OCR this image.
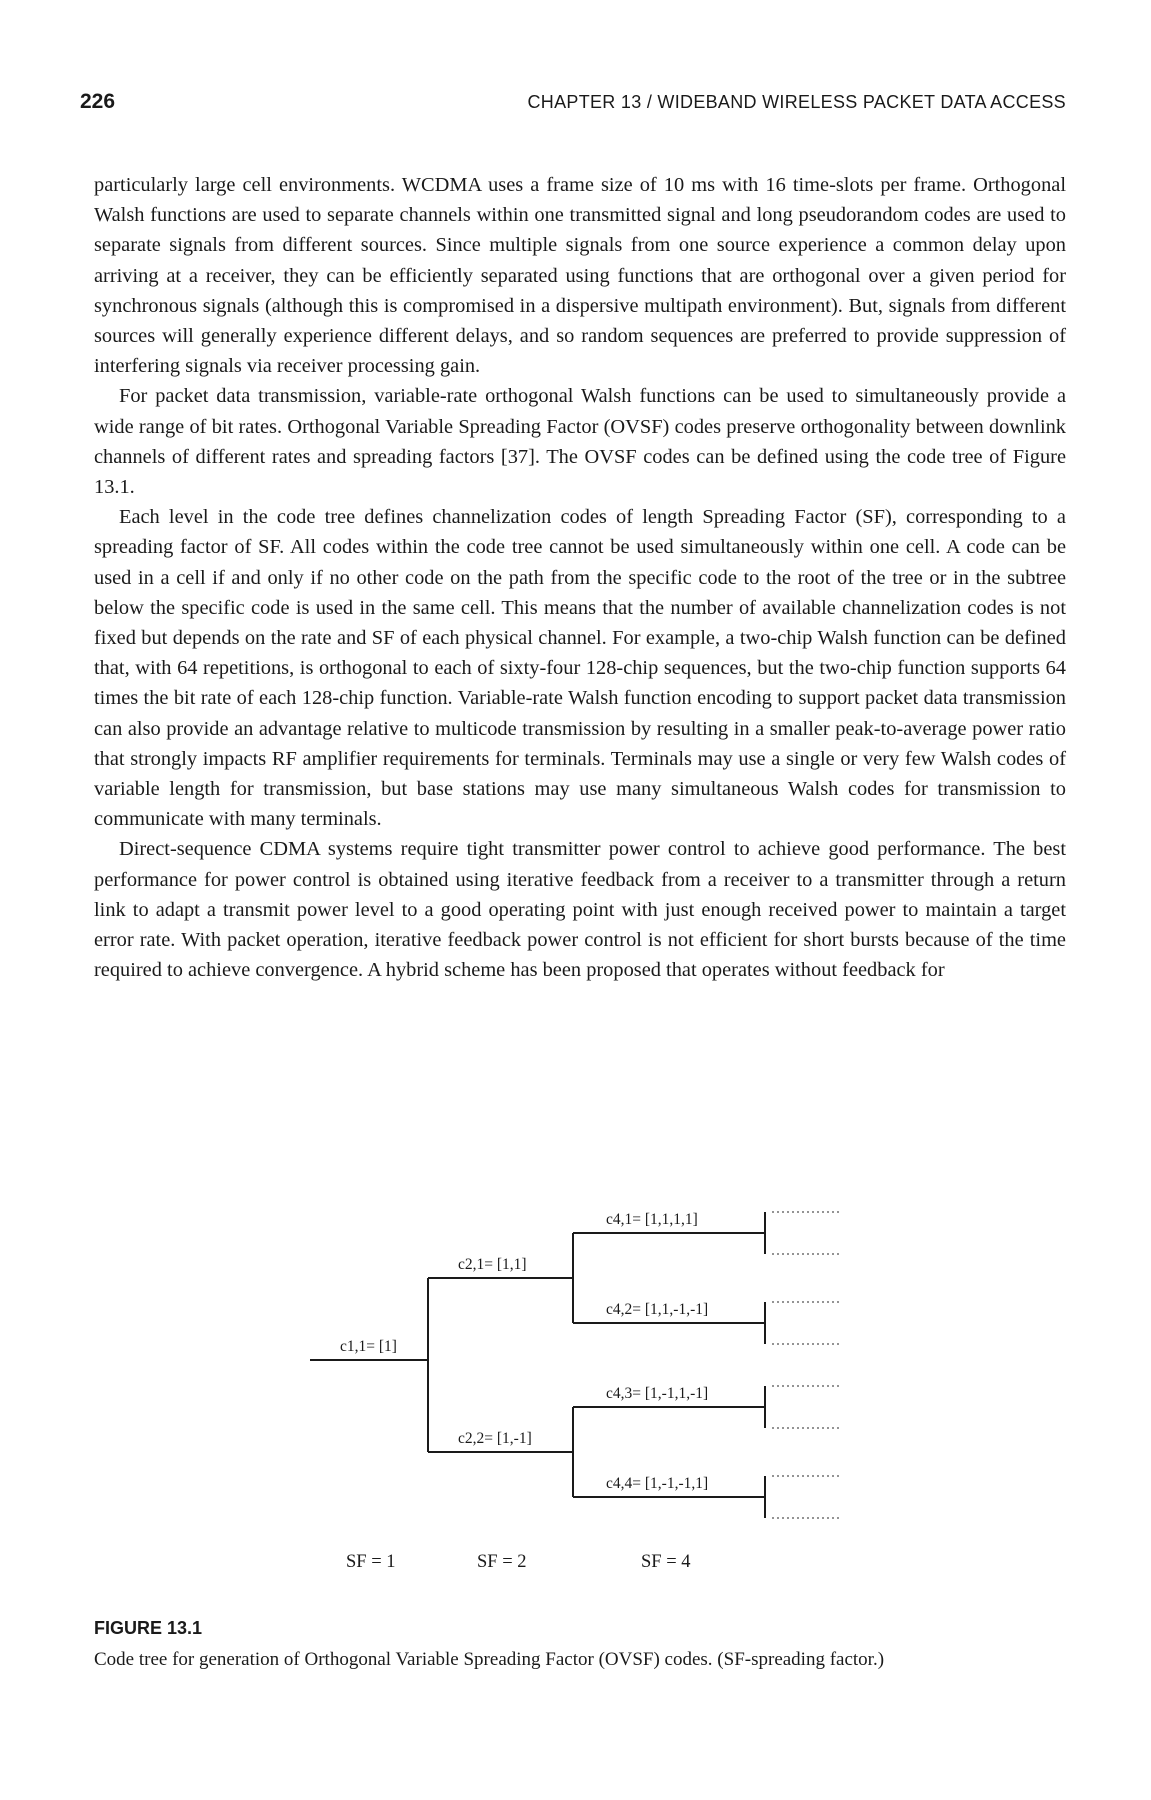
226	CHAPTER 13 / WIDEBAND WIRELESS PACKET DATA ACCESS

particularly large cell environments. WCDMA uses a frame size of 10 ms with 16 time-slots per frame. Orthogonal Walsh functions are used to separate channels within one transmitted signal and long pseudorandom codes are used to separate signals from different sources. Since multiple signals from one source experience a common delay upon arriving at a receiver, they can be efficiently separated using functions that are orthogonal over a given period for synchronous signals (although this is compromised in a dispersive multipath environment). But, signals from different sources will generally experience different delays, and so random sequences are preferred to provide suppression of interfering signals via receiver processing gain.

For packet data transmission, variable-rate orthogonal Walsh functions can be used to simultaneously provide a wide range of bit rates. Orthogonal Variable Spreading Factor (OVSF) codes preserve orthogonality between downlink channels of different rates and spreading factors [37]. The OVSF codes can be defined using the code tree of Figure 13.1.

Each level in the code tree defines channelization codes of length Spreading Factor (SF), corresponding to a spreading factor of SF. All codes within the code tree cannot be used simultaneously within one cell. A code can be used in a cell if and only if no other code on the path from the specific code to the root of the tree or in the subtree below the specific code is used in the same cell. This means that the number of available channelization codes is not fixed but depends on the rate and SF of each physical channel. For example, a two-chip Walsh function can be defined that, with 64 repetitions, is orthogonal to each of sixty-four 128-chip sequences, but the two-chip function supports 64 times the bit rate of each 128-chip function. Variable-rate Walsh function encoding to support packet data transmission can also provide an advantage relative to multicode transmission by resulting in a smaller peak-to-average power ratio that strongly impacts RF amplifier requirements for terminals. Terminals may use a single or very few Walsh codes of variable length for transmission, but base stations may use many simultaneous Walsh codes for transmission to communicate with many terminals.

Direct-sequence CDMA systems require tight transmitter power control to achieve good performance. The best performance for power control is obtained using iterative feedback from a receiver to a transmitter through a return link to adapt a transmit power level to a good operating point with just enough received power to maintain a target error rate. With packet operation, iterative feedback power control is not efficient for short bursts because of the time required to achieve convergence. A hybrid scheme has been proposed that operates without feedback for

c1,1= [1]
c2,1= [1,1]
c2,2= [1,-1]
c4,1= [1,1,1,1]
c4,2= [1,1,-1,-1]
c4,3= [1,-1,1,-1]
c4,4= [1,-1,-1,1]
SF = 1	SF = 2	SF = 4
FIGURE 13.1
Code tree for generation of Orthogonal Variable Spreading Factor (OVSF) codes. (SF-spreading factor.)
